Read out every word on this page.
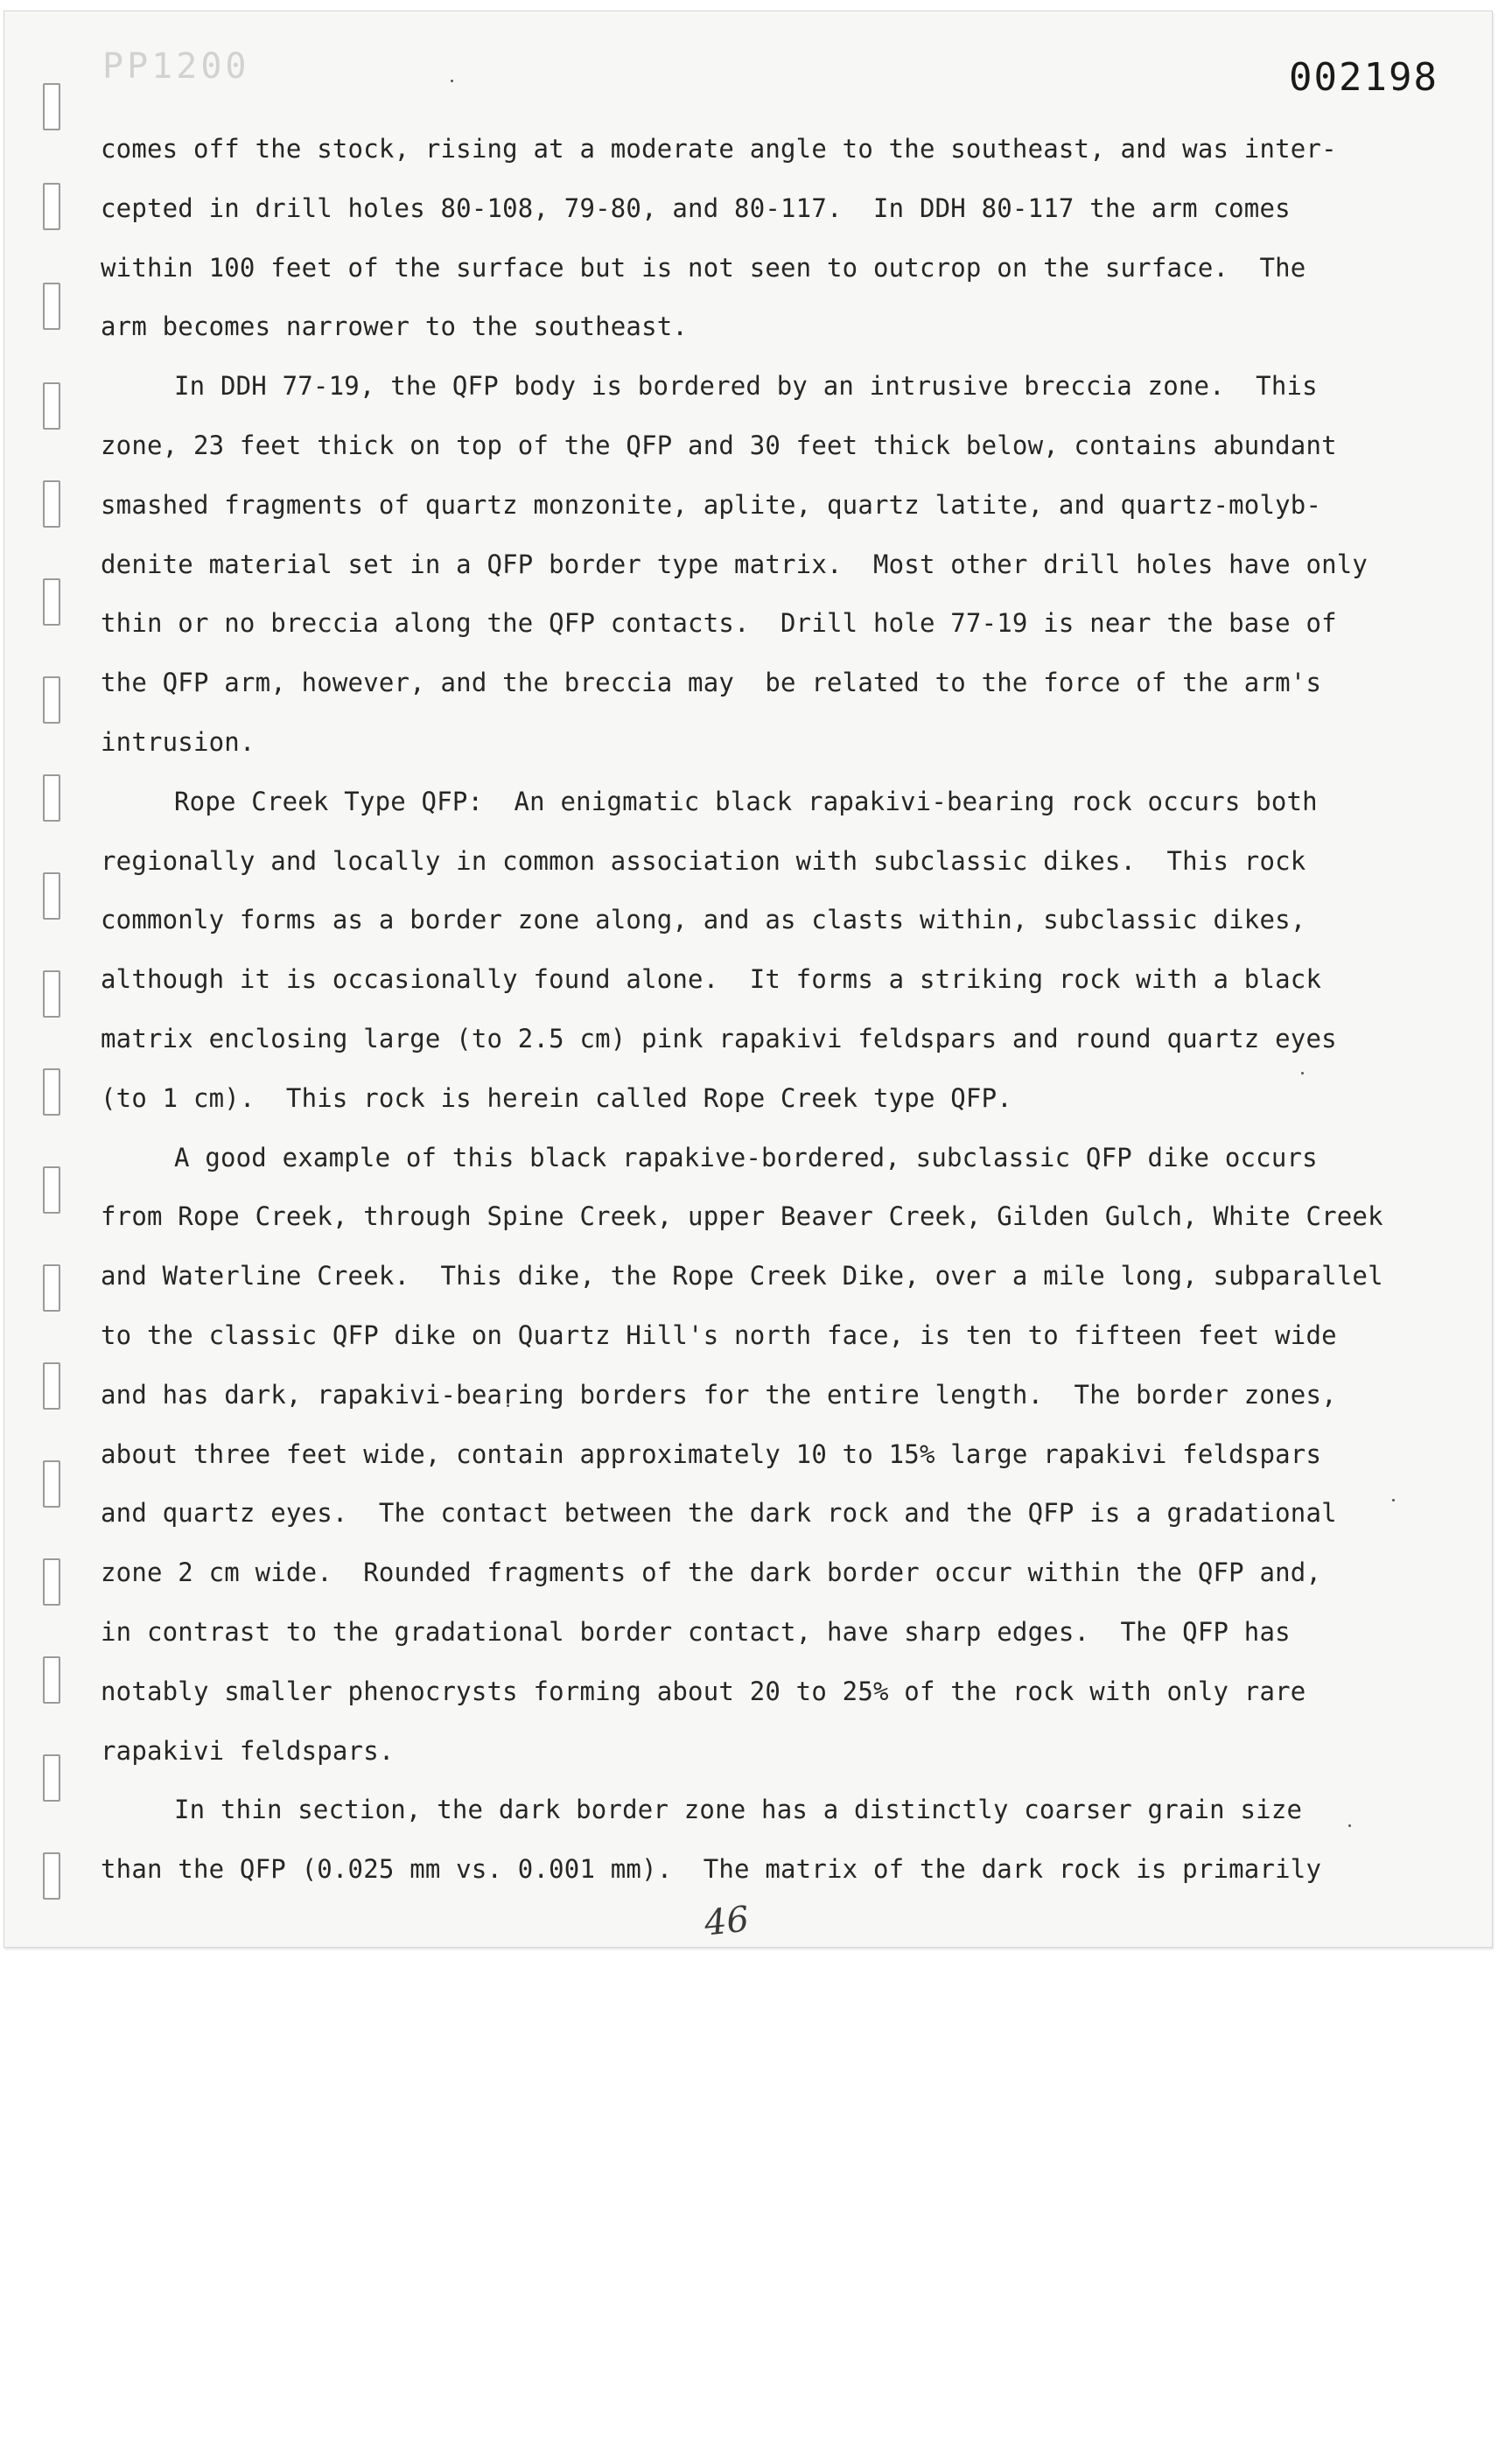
PP1200	002198
comes off the stock, rising at a moderate angle to the southeast, and was inter-
cepted in drill holes 80-108, 79-80, and 80-117.  In DDH 80-117 the arm comes
within 100 feet of the surface but is not seen to outcrop on the surface.  The
arm becomes narrower to the southeast.
In DDH 77-19, the QFP body is bordered by an intrusive breccia zone.  This
zone, 23 feet thick on top of the QFP and 30 feet thick below, contains abundant
smashed fragments of quartz monzonite, aplite, quartz latite, and quartz-molyb-
denite material set in a QFP border type matrix.  Most other drill holes have only
thin or no breccia along the QFP contacts.  Drill hole 77-19 is near the base of
the QFP arm, however, and the breccia may  be related to the force of the arm's
intrusion.
Rope Creek Type QFP:  An enigmatic black rapakivi-bearing rock occurs both
regionally and locally in common association with subclassic dikes.  This rock
commonly forms as a border zone along, and as clasts within, subclassic dikes,
although it is occasionally found alone.  It forms a striking rock with a black
matrix enclosing large (to 2.5 cm) pink rapakivi feldspars and round quartz eyes
(to 1 cm).  This rock is herein called Rope Creek type QFP.
A good example of this black rapakive-bordered, subclassic QFP dike occurs
from Rope Creek, through Spine Creek, upper Beaver Creek, Gilden Gulch, White Creek
and Waterline Creek.  This dike, the Rope Creek Dike, over a mile long, subparallel
to the classic QFP dike on Quartz Hill's north face, is ten to fifteen feet wide
and has dark, rapakivi-bearing borders for the entire length.  The border zones,
about three feet wide, contain approximately 10 to 15% large rapakivi feldspars
and quartz eyes.  The contact between the dark rock and the QFP is a gradational
zone 2 cm wide.  Rounded fragments of the dark border occur within the QFP and,
in contrast to the gradational border contact, have sharp edges.  The QFP has
notably smaller phenocrysts forming about 20 to 25% of the rock with only rare
rapakivi feldspars.
In thin section, the dark border zone has a distinctly coarser grain size
than the QFP (0.025 mm vs. 0.001 mm).  The matrix of the dark rock is primarily
46
